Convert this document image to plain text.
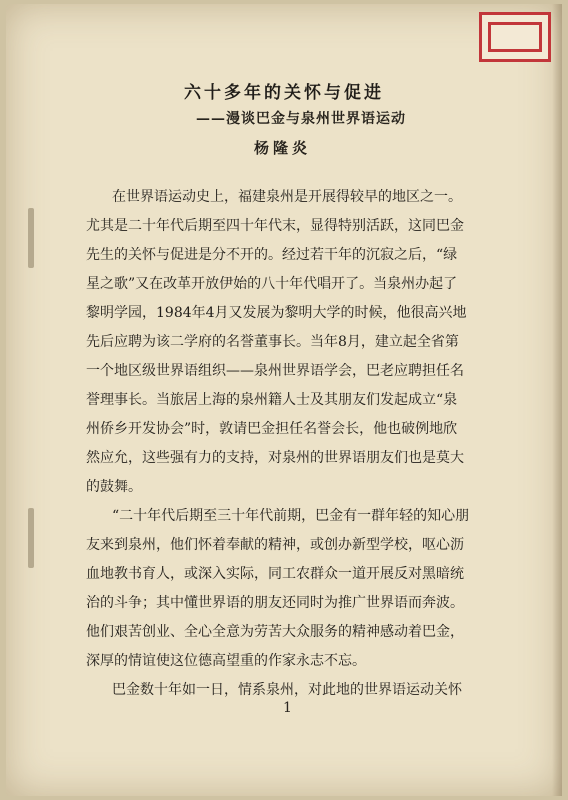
六十多年的关怀与促进
——漫谈巴金与泉州世界语运动
杨隆炎
在世界语运动史上，福建泉州是开展得较早的地区之一。
尤其是二十年代后期至四十年代末，显得特别活跃，这同巴金
先生的关怀与促进是分不开的。经过若干年的沉寂之后，“绿
星之歌”又在改革开放伊始的八十年代唱开了。当泉州办起了
黎明学园，1984年4月又发展为黎明大学的时候，他很高兴地
先后应聘为该二学府的名誉董事长。当年8月，建立起全省第
一个地区级世界语组织——泉州世界语学会，巴老应聘担任名
誉理事长。当旅居上海的泉州籍人士及其朋友们发起成立“泉
州侨乡开发协会”时，敦请巴金担任名誉会长，他也破例地欣
然应允，这些强有力的支持，对泉州的世界语朋友们也是莫大
的鼓舞。
“二十年代后期至三十年代前期，巴金有一群年轻的知心朋
友来到泉州，他们怀着奉献的精神，或创办新型学校，呕心沥
血地教书育人，或深入实际，同工农群众一道开展反对黑暗统
治的斗争；其中懂世界语的朋友还同时为推广世界语而奔波。
他们艰苦创业、全心全意为劳苦大众服务的精神感动着巴金，
深厚的情谊使这位德高望重的作家永志不忘。
巴金数十年如一日，情系泉州，对此地的世界语运动关怀
1
